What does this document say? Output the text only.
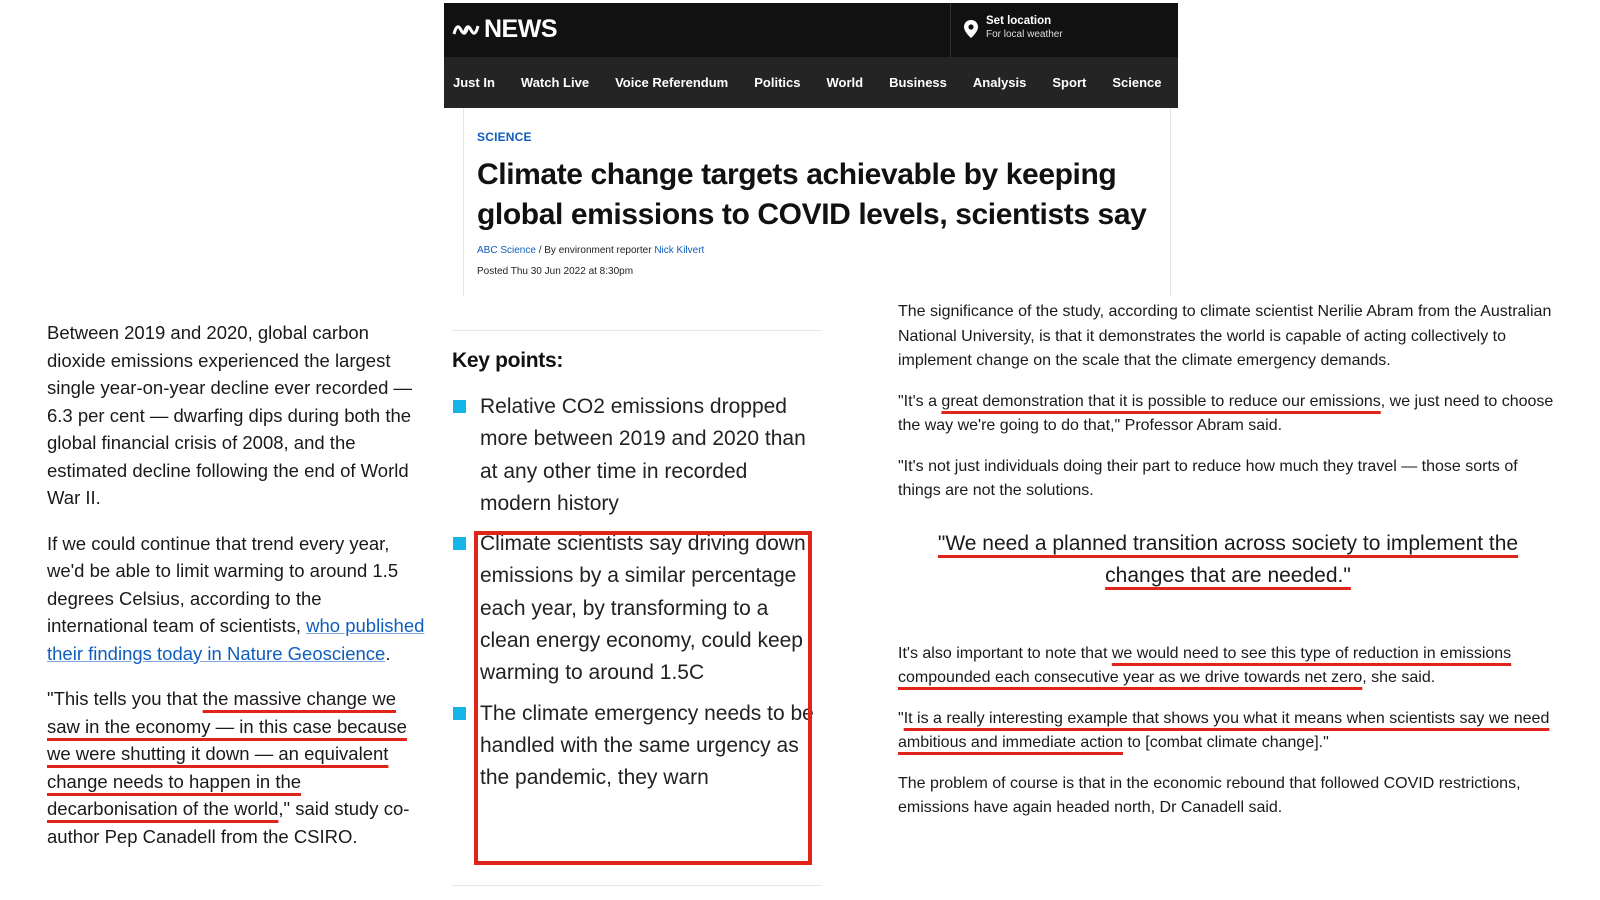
NEWS	Set location
For local weather
Just In Watch Live Voice Referendum Politics World Business Analysis Sport Science
SCIENCE
Climate change targets achievable by keeping global emissions to COVID levels, scientists say
ABC Science / By environment reporter Nick Kilvert
Posted Thu 30 Jun 2022 at 8:30pm

Between 2019 and 2020, global carbon dioxide emissions experienced the largest single year-on-year decline ever recorded — 6.3 per cent — dwarfing dips during both the global financial crisis of 2008, and the estimated decline following the end of World War II.

If we could continue that trend every year, we'd be able to limit warming to around 1.5 degrees Celsius, according to the international team of scientists, who published their findings today in Nature Geoscience.

"This tells you that the massive change we saw in the economy — in this case because we were shutting it down — an equivalent change needs to happen in the decarbonisation of the world," said study co-author Pep Canadell from the CSIRO.

Key points:
Relative CO2 emissions dropped more between 2019 and 2020 than at any other time in recorded modern history
Climate scientists say driving down emissions by a similar percentage each year, by transforming to a clean energy economy, could keep warming to around 1.5C
The climate emergency needs to be handled with the same urgency as the pandemic, they warn

The significance of the study, according to climate scientist Nerilie Abram from the Australian National University, is that it demonstrates the world is capable of acting collectively to implement change on the scale that the climate emergency demands.

"It's a great demonstration that it is possible to reduce our emissions, we just need to choose the way we're going to do that," Professor Abram said.

"It's not just individuals doing their part to reduce how much they travel — those sorts of things are not the solutions.

"We need a planned transition across society to implement the changes that are needed."

It's also important to note that we would need to see this type of reduction in emissions compounded each consecutive year as we drive towards net zero, she said.

"It is a really interesting example that shows you what it means when scientists say we need ambitious and immediate action to [combat climate change]."

The problem of course is that in the economic rebound that followed COVID restrictions, emissions have again headed north, Dr Canadell said.
